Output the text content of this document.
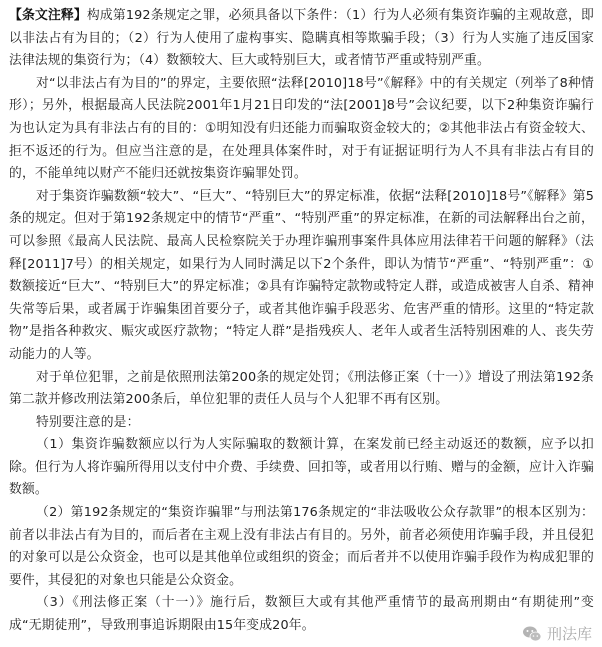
【条文注释】构成第192条规定之罪，必须具备以下条件：（1）行为人必须有集资诈骗的主观故意，即以非法占有为目的；（2）行为人使用了虚构事实、隐瞒真相等欺骗手段；（3）行为人实施了违反国家法律法规的集资行为；（4）数额较大、巨大或特别巨大，或者情节严重或特别严重。

对“以非法占有为目的”的界定，主要依照“法释[2010]18号”《解释》中的有关规定（列举了8种情形）；另外，根据最高人民法院2001年1月21日印发的“法[2001]8号”会议纪要，以下2种集资诈骗行为也认定为具有非法占有的目的：①明知没有归还能力而骗取资金较大的；②其他非法占有资金较大、拒不返还的行为。但应当注意的是，在处理具体案件时，对于有证据证明行为人不具有非法占有目的的，不能单纯以财产不能归还就按集资诈骗罪处罚。

对于集资诈骗数额“较大”、“巨大”、“特别巨大”的界定标准，依据“法释[2010]18号”《解释》第5条的规定。但对于第192条规定中的情节“严重”、“特别严重”的界定标准，在新的司法解释出台之前，可以参照《最高人民法院、最高人民检察院关于办理诈骗刑事案件具体应用法律若干问题的解释》（法释[2011]7号）的相关规定，如果行为人同时满足以下2个条件，即认为情节“严重”、“特别严重”：①数额接近“巨大”、“特别巨大”的界定标准；②具有诈骗特定款物或特定人群，或造成被害人自杀、精神失常等后果，或者属于诈骗集团首要分子，或者其他诈骗手段恶劣、危害严重的情形。这里的“特定款物”是指各种救灾、赈灾或医疗款物；“特定人群”是指残疾人、老年人或者生活特别困难的人、丧失劳动能力的人等。

对于单位犯罪，之前是依照刑法第200条的规定处罚；《刑法修正案（十一）》增设了刑法第192条第二款并修改刑法第200条后，单位犯罪的责任人员与个人犯罪不再有区别。

特别要注意的是：

（1）集资诈骗数额应以行为人实际骗取的数额计算，在案发前已经主动返还的数额，应予以扣除。但行为人将诈骗所得用以支付中介费、手续费、回扣等，或者用以行贿、赠与的金额，应计入诈骗数额。

（2）第192条规定的“集资诈骗罪”与刑法第176条规定的“非法吸收公众存款罪”的根本区别为：前者以非法占有为目的，而后者在主观上没有非法占有目的。另外，前者必须使用诈骗手段，并且侵犯的对象可以是公众资金，也可以是其他单位或组织的资金；而后者并不以使用诈骗手段作为构成犯罪的要件，其侵犯的对象也只能是公众资金。

（3）《刑法修正案（十一）》施行后，数额巨大或有其他严重情节的最高刑期由“有期徒刑”变成“无期徒刑”，导致刑事追诉期限由15年变成20年。	刑法库
